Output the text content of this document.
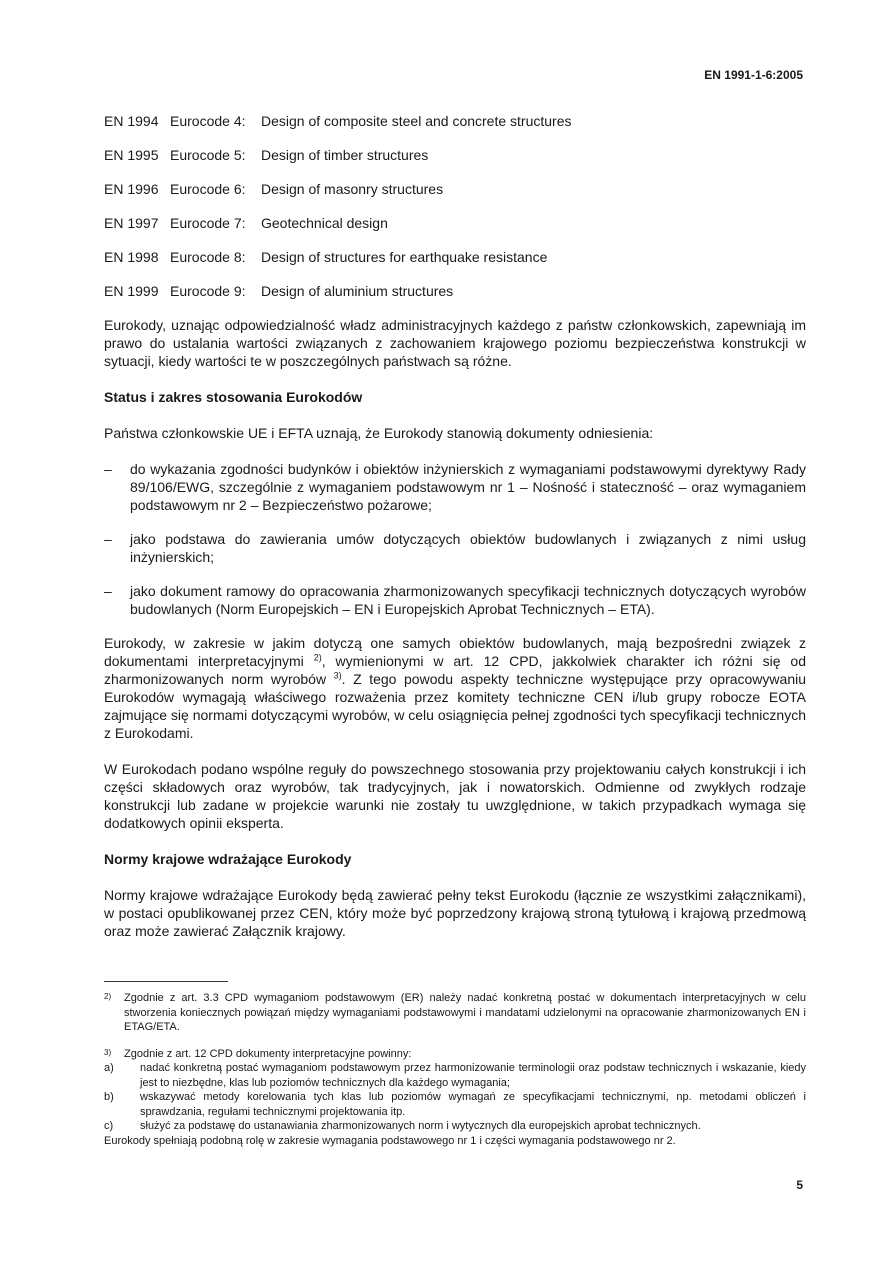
EN 1991-1-6:2005
EN 1994 Eurocode 4:	Design of composite steel and concrete structures
EN 1995 Eurocode 5:	Design of timber structures
EN 1996 Eurocode 6:	Design of masonry structures
EN 1997 Eurocode 7:	Geotechnical design
EN 1998 Eurocode 8:	Design of structures for earthquake resistance
EN 1999 Eurocode 9:	Design of aluminium structures

Eurokody, uznając odpowiedzialność władz administracyjnych każdego z państw członkowskich, zapewniają im prawo do ustalania wartości związanych z zachowaniem krajowego poziomu bezpieczeństwa konstrukcji w sytuacji, kiedy wartości te w poszczególnych państwach są różne.

Status i zakres stosowania Eurokodów

Państwa członkowskie UE i EFTA uznają, że Eurokody stanowią dokumenty odniesienia:

–	do wykazania zgodności budynków i obiektów inżynierskich z wymaganiami podstawowymi dyrektywy Rady 89/106/EWG, szczególnie z wymaganiem podstawowym nr 1 – Nośność i stateczność – oraz wymaganiem podstawowym nr 2 – Bezpieczeństwo pożarowe;
–	jako podstawa do zawierania umów dotyczących obiektów budowlanych i związanych z nimi usług inżynierskich;
–	jako dokument ramowy do opracowania zharmonizowanych specyfikacji technicznych dotyczących wyrobów budowlanych (Norm Europejskich – EN i Europejskich Aprobat Technicznych – ETA).

Eurokody, w zakresie w jakim dotyczą one samych obiektów budowlanych, mają bezpośredni związek z dokumentami interpretacyjnymi $^{2)}$, wymienionymi w art. 12 CPD, jakkolwiek charakter ich różni się od zharmonizowanych norm wyrobów $^{3)}$. Z tego powodu aspekty techniczne występujące przy opracowywaniu Eurokodów wymagają właściwego rozważenia przez komitety techniczne CEN i/lub grupy robocze EOTA zajmujące się normami dotyczącymi wyrobów, w celu osiągnięcia pełnej zgodności tych specyfikacji technicznych z Eurokodami.

W Eurokodach podano wspólne reguły do powszechnego stosowania przy projektowaniu całych konstrukcji i ich części składowych oraz wyrobów, tak tradycyjnych, jak i nowatorskich. Odmienne od zwykłych rodzaje konstrukcji lub zadane w projekcie warunki nie zostały tu uwzględnione, w takich przypadkach wymaga się dodatkowych opinii eksperta.

Normy krajowe wdrażające Eurokody

Normy krajowe wdrażające Eurokody będą zawierać pełny tekst Eurokodu (łącznie ze wszystkimi załącznikami), w postaci opublikowanej przez CEN, który może być poprzedzony krajową stroną tytułową i krajową przedmową oraz może zawierać Załącznik krajowy.

2)	Zgodnie z art. 3.3 CPD wymaganiom podstawowym (ER) należy nadać konkretną postać w dokumentach interpretacyjnych w celu stworzenia koniecznych powiązań między wymaganiami podstawowymi i mandatami udzielonymi na opracowanie zharmonizowanych EN i ETAG/ETA.
3)	Zgodnie z art. 12 CPD dokumenty interpretacyjne powinny:
a)	nadać konkretną postać wymaganiom podstawowym przez harmonizowanie terminologii oraz podstaw technicznych i wskazanie, kiedy jest to niezbędne, klas lub poziomów technicznych dla każdego wymagania;
b)	wskazywać metody korelowania tych klas lub poziomów wymagań ze specyfikacjami technicznymi, np. metodami obliczeń i sprawdzania, regułami technicznymi projektowania itp.
c)	służyć za podstawę do ustanawiania zharmonizowanych norm i wytycznych dla europejskich aprobat technicznych.
Eurokody spełniają podobną rolę w zakresie wymagania podstawowego nr 1 i części wymagania podstawowego nr 2.
5
